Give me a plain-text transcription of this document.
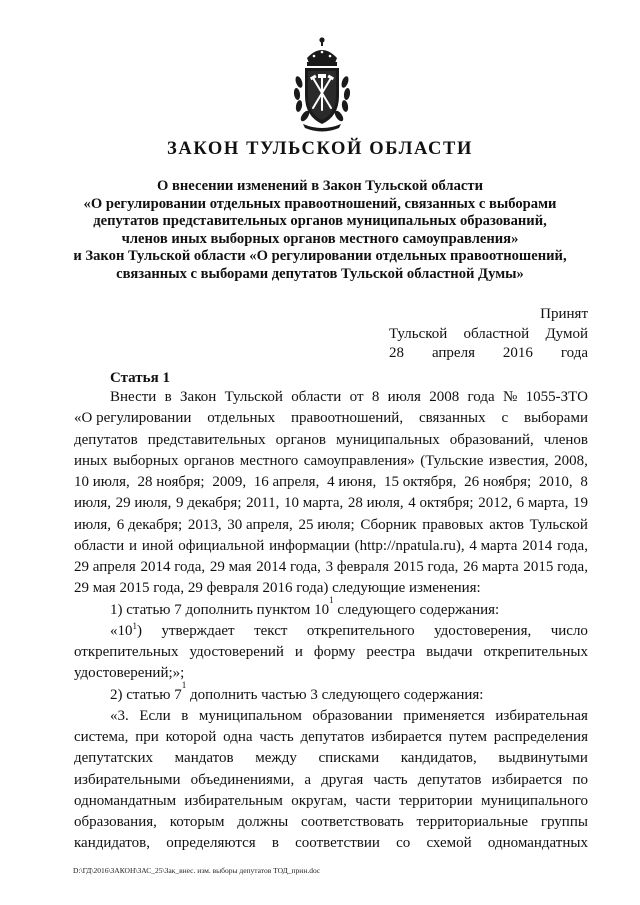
ЗАКОН ТУЛЬСКОЙ ОБЛАСТИ
О внесении изменений в Закон Тульской области
«О регулировании отдельных правоотношений, связанных с выборами
депутатов представительных органов муниципальных образований,
членов иных выборных органов местного самоуправления»
и Закон Тульской области «О регулировании отдельных правоотношений,
связанных с выборами депутатов Тульской областной Думы»
Принят
Тульской областной Думой
28 апреля 2016 года
Статья 1
Внести в Закон Тульской области от 8 июля 2008 года № 1055-ЗТО
«О регулировании отдельных правоотношений, связанных с выборами
депутатов представительных органов муниципальных образований, членов
иных выборных органов местного самоуправления» (Тульские известия, 2008,
10 июля, 28 ноября; 2009, 16 апреля, 4 июня, 15 октября, 26 ноября; 2010, 8
июля, 29 июля, 9 декабря; 2011, 10 марта, 28 июля, 4 октября; 2012, 6 марта, 19
июля, 6 декабря; 2013, 30 апреля, 25 июля; Сборник правовых актов Тульской
области и иной официальной информации (http://npatula.ru), 4 марта 2014 года,
29 апреля 2014 года, 29 мая 2014 года, 3 февраля 2015 года, 26 марта 2015 года,
29 мая 2015 года, 29 февраля 2016 года) следующие изменения:
1) статью 7 дополнить пунктом 10
1
следующего содержания:
«$10^1$) утверждает текст открепительного удостоверения, число
открепительных удостоверений и форму реестра выдачи открепительных
удостоверений;»;
2) статью 7
1
дополнить частью 3 следующего содержания:
«3. Если в муниципальном образовании применяется избирательная
система, при которой одна часть депутатов избирается путем распределения
депутатских мандатов между списками кандидатов, выдвинутыми
избирательными объединениями, а другая часть депутатов избирается по
одномандатным избирательным округам, части территории муниципального
образования, которым должны соответствовать территориальные группы
кандидатов, определяются в соответствии со схемой одномандатных
D:\ГД\2016\ЗАКОН\ЗАС_25\Зак_внес. изм. выборы депутатов ТОД_прин.doc
